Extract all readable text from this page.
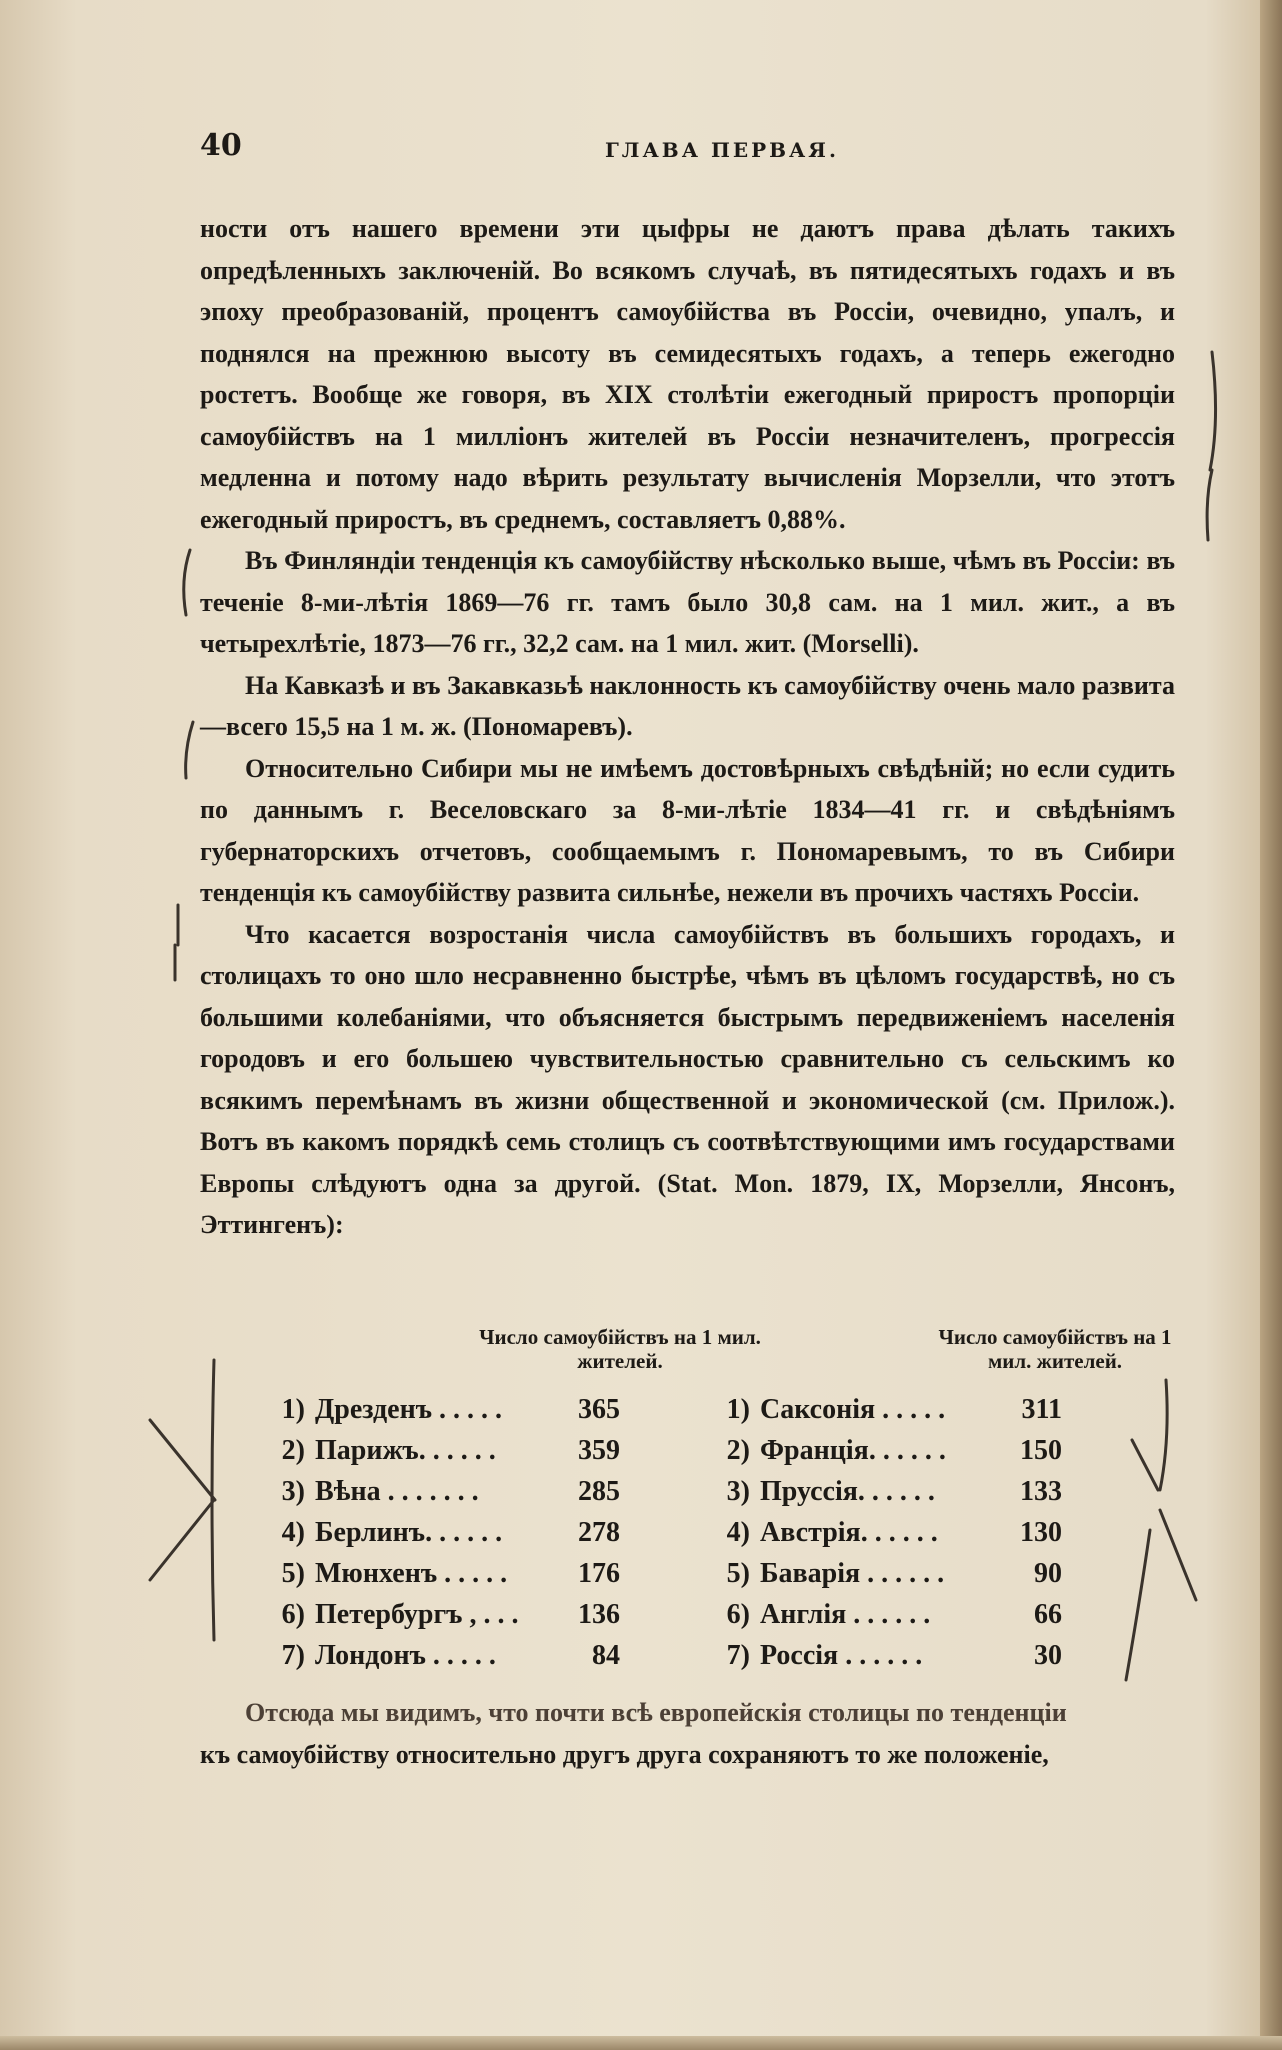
40	ГЛАВА ПЕРВАЯ.

ности отъ нашего времени эти цыфры не даютъ права дѣлать такихъ опредѣленныхъ заключеній. Во всякомъ случаѣ, въ пятидесятыхъ годахъ и въ эпоху преобразованій, процентъ самоубійства въ Россіи, очевидно, упалъ, и поднялся на прежнюю высоту въ семидесятыхъ годахъ, а теперь ежегодно ростетъ. Вообще же говоря, въ XIX столѣтіи ежегодный приростъ пропорціи самоубійствъ на 1 милліонъ жителей въ Россіи незначителенъ, прогрессія медленна и потому надо вѣрить результату вычисленія Морзелли, что этотъ ежегодный приростъ, въ среднемъ, составляетъ 0,88%.

Въ Финляндіи тенденція къ самоубійству нѣсколько выше, чѣмъ въ Россіи: въ теченіе 8-ми-лѣтія 1869—76 гг. тамъ было 30,8 сам. на 1 мил. жит., а въ четырехлѣтіе, 1873—76 гг., 32,2 сам. на 1 мил. жит. (Morselli).

На Кавказѣ и въ Закавказьѣ наклонность къ самоубійству очень мало развита—всего 15,5 на 1 м. ж. (Пономаревъ).

Относительно Сибири мы не имѣемъ достовѣрныхъ свѣдѣній; но если судить по даннымъ г. Веселовскаго за 8-ми-лѣтіе 1834—41 гг. и свѣдѣніямъ губернаторскихъ отчетовъ, сообщаемымъ г. Пономаревымъ, то въ Сибири тенденція къ самоубійству развита сильнѣе, нежели въ прочихъ частяхъ Россіи.

Что касается возростанія числа самоубійствъ въ большихъ городахъ, и столицахъ то оно шло несравненно быстрѣе, чѣмъ въ цѣломъ государствѣ, но съ большими колебаніями, что объясняется быстрымъ передвиженіемъ населенія городовъ и его большею чувствительностью сравнительно съ сельскимъ ко всякимъ перемѣнамъ въ жизни общественной и экономической (см. Прилож.). Вотъ въ какомъ порядкѣ семь столицъ съ соотвѣтствующими имъ государствами Европы слѣдуютъ одна за другой. (Stat. Mon. 1879, IX, Морзелли, Янсонъ, Эттингенъ):

Число самоубійствъ на 1 мил. жителей.
Число самоубійствъ на 1 мил. жителей.
1) Дрезденъ . . . . .	365
2) Парижъ. . . . . .	359
3) Вѣна . . . . . . .	285
4) Берлинъ. . . . . .	278
5) Мюнхенъ . . . . .	176
6) Петербургъ , . . . 136
7) Лондонъ . . . . .	84
1) Саксонія . . . . .	311
2) Франція. . . . . .	150
3) Пруссія. . . . . .	133
4) Австрія. . . . . .	130
5) Баварія . . . . . .	90
6) Англія . . . . . .	66
7) Россія . . . . . .	30

Отсюда мы видимъ, что почти всѣ европейскія столицы по тенденціи

къ самоубійству относительно другъ друга сохраняютъ то же положеніе,
